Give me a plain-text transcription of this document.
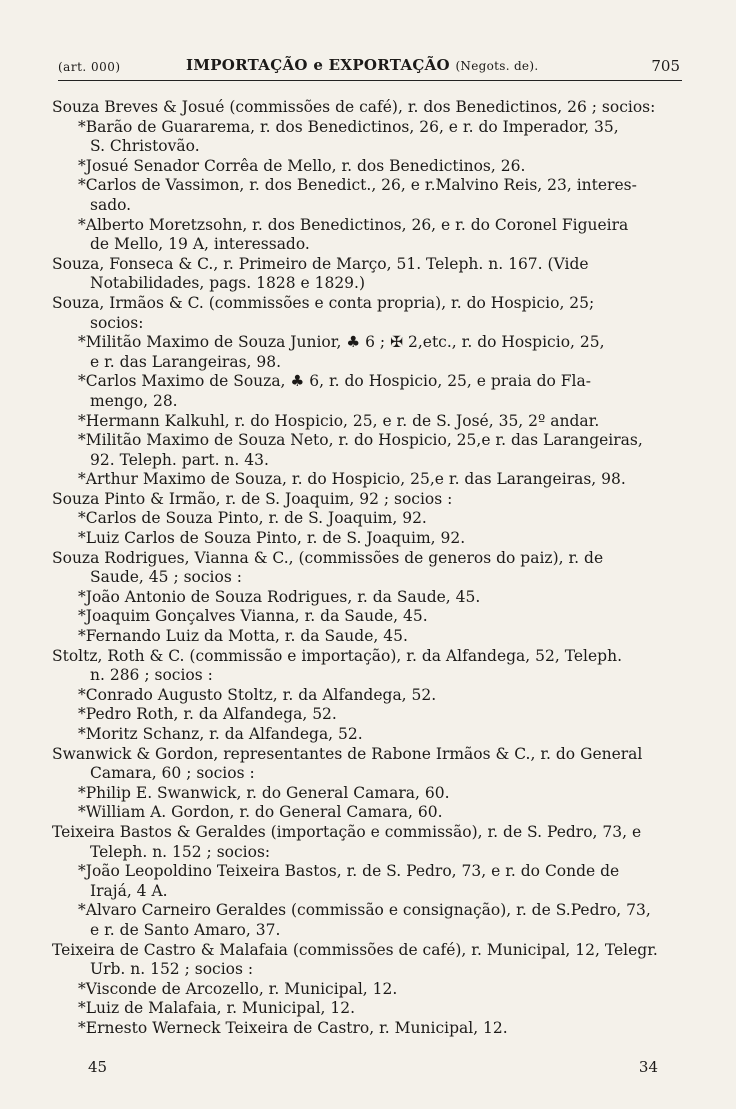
(art. 000)	IMPORTAÇÃO e EXPORTAÇÃO (Negots. de).	705
Souza Breves & Josué (commissões de café), r. dos Benedictinos, 26 ; socios:
*Barão de Guararema, r. dos Benedictinos, 26, e r. do Imperador, 35,
S. Christovão.
*Josué Senador Corrêa de Mello, r. dos Benedictinos, 26.
*Carlos de Vassimon, r. dos Benedict., 26, e r.Malvino Reis, 23, interes-
sado.
*Alberto Moretzsohn, r. dos Benedictinos, 26, e r. do Coronel Figueira
de Mello, 19 A, interessado.
Souza, Fonseca & C., r. Primeiro de Março, 51. Teleph. n. 167. (Vide
Notabilidades, pags. 1828 e 1829.)
Souza, Irmãos & C. (commissões e conta propria), r. do Hospicio, 25;
socios:
*Militão Maximo de Souza Junior, ♣ 6 ; ✠ 2,etc., r. do Hospicio, 25,
e r. das Larangeiras, 98.
*Carlos Maximo de Souza, ♣ 6, r. do Hospicio, 25, e praia do Fla-
mengo, 28.
*Hermann Kalkuhl, r. do Hospicio, 25, e r. de S. José, 35, 2º andar.
*Militão Maximo de Souza Neto, r. do Hospicio, 25,e r. das Larangeiras,
92. Teleph. part. n. 43.
*Arthur Maximo de Souza, r. do Hospicio, 25,e r. das Larangeiras, 98.
Souza Pinto & Irmão, r. de S. Joaquim, 92 ; socios :
*Carlos de Souza Pinto, r. de S. Joaquim, 92.
*Luiz Carlos de Souza Pinto, r. de S. Joaquim, 92.
Souza Rodrigues, Vianna & C., (commissões de generos do paiz), r. de
Saude, 45 ; socios :
*João Antonio de Souza Rodrigues, r. da Saude, 45.
*Joaquim Gonçalves Vianna, r. da Saude, 45.
*Fernando Luiz da Motta, r. da Saude, 45.
Stoltz, Roth & C. (commissão e importação), r. da Alfandega, 52, Teleph.
n. 286 ; socios :
*Conrado Augusto Stoltz, r. da Alfandega, 52.
*Pedro Roth, r. da Alfandega, 52.
*Moritz Schanz, r. da Alfandega, 52.
Swanwick & Gordon, representantes de Rabone Irmãos & C., r. do General
Camara, 60 ; socios :
*Philip E. Swanwick, r. do General Camara, 60.
*William A. Gordon, r. do General Camara, 60.
Teixeira Bastos & Geraldes (importação e commissão), r. de S. Pedro, 73, e
Teleph. n. 152 ; socios:
*João Leopoldino Teixeira Bastos, r. de S. Pedro, 73, e r. do Conde de
Irajá, 4 A.
*Alvaro Carneiro Geraldes (commissão e consignação), r. de S.Pedro, 73,
e r. de Santo Amaro, 37.
Teixeira de Castro & Malafaia (commissões de café), r. Municipal, 12, Telegr.
Urb. n. 152 ; socios :
*Visconde de Arcozello, r. Municipal, 12.
*Luiz de Malafaia, r. Municipal, 12.
*Ernesto Werneck Teixeira de Castro, r. Municipal, 12.
45	34
